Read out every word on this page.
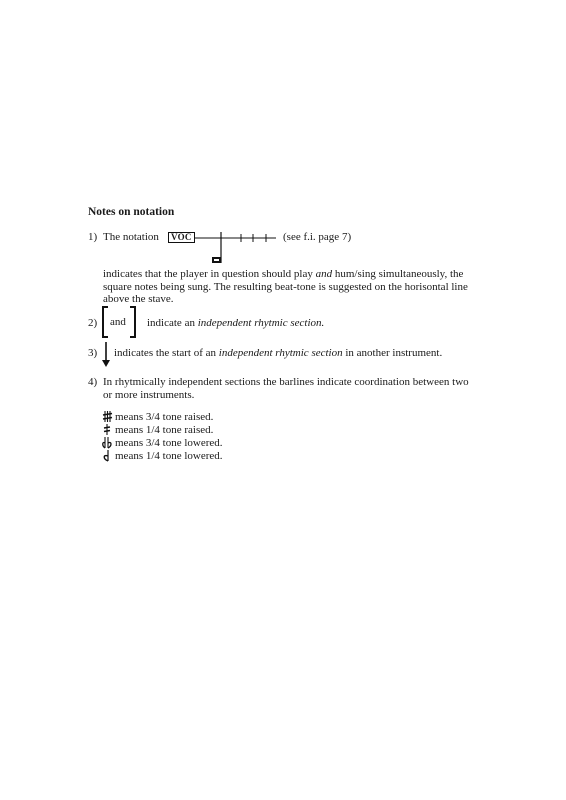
Notes on notation
1) The notation	VOC	(see f.i. page 7)
indicates that the player in question should play and hum/sing simultaneously, the square notes being sung. The resulting beat-tone is suggested on the horisontal line above the stave.
2) and indicate an independent rhytmic section.
3) indicates the start of an independent rhytmic section in another instrument.
4) In rhytmically independent sections the barlines indicate coordination between two or more instruments.
means 3/4 tone raised.
means 1/4 tone raised.
means 3/4 tone lowered.
means 1/4 tone lowered.
